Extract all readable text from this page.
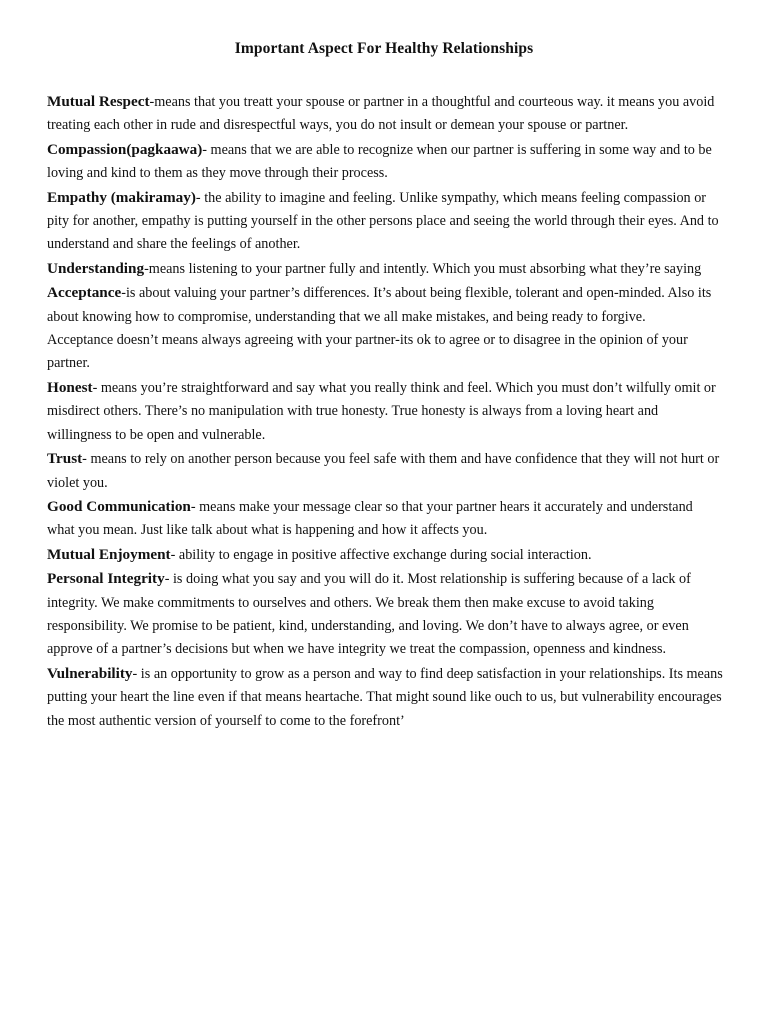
Important Aspect For Healthy Relationships

Mutual Respect-means that you treatt your spouse or partner in a thoughtful and courteous way. it means you avoid treating each other in rude and disrespectful ways, you do not insult or demean your spouse or partner.

Compassion(pagkaawa)- means that we are able to recognize when our partner is suffering in some way and to be loving and kind to them as they move through their process.

Empathy (makiramay)- the ability to imagine and feeling. Unlike sympathy, which means feeling compassion or pity for another, empathy is putting yourself in the other persons place and seeing the world through their eyes. And to understand and share the feelings of another.

Understanding-means listening to your partner fully and intently. Which you must absorbing what they’re saying

Acceptance-is about valuing your partner’s differences. It’s about being flexible, tolerant and open-minded. Also its about knowing how to compromise, understanding that we all make mistakes, and being ready to forgive.

Acceptance doesn’t means always agreeing with your partner-its ok to agree or to disagree in the opinion of your partner.

Honest- means you’re straightforward and say what you really think and feel. Which you must don’t wilfully omit or misdirect others. There’s no manipulation with true honesty. True honesty is always from a loving heart and willingness to be open and vulnerable.

Trust- means to rely on another person because you feel safe with them and have confidence that they will not hurt or violet you.

Good Communication- means make your message clear so that your partner hears it accurately and understand what you mean. Just like talk about what is happening and how it affects you.

Mutual Enjoyment- ability to engage in positive affective exchange during social interaction.

Personal Integrity- is doing what you say and you will do it. Most relationship is suffering because of a lack of integrity. We make commitments to ourselves and others. We break them then make excuse to avoid taking responsibility. We promise to be patient, kind, understanding, and loving. We don’t have to always agree, or even approve of a partner’s decisions but when we have integrity we treat the compassion, openness and kindness.

Vulnerability- is an opportunity to grow as a person and way to find deep satisfaction in your relationships. Its means putting your heart the line even if that means heartache. That might sound like ouch to us, but vulnerability encourages the most authentic version of yourself to come to the forefront’
